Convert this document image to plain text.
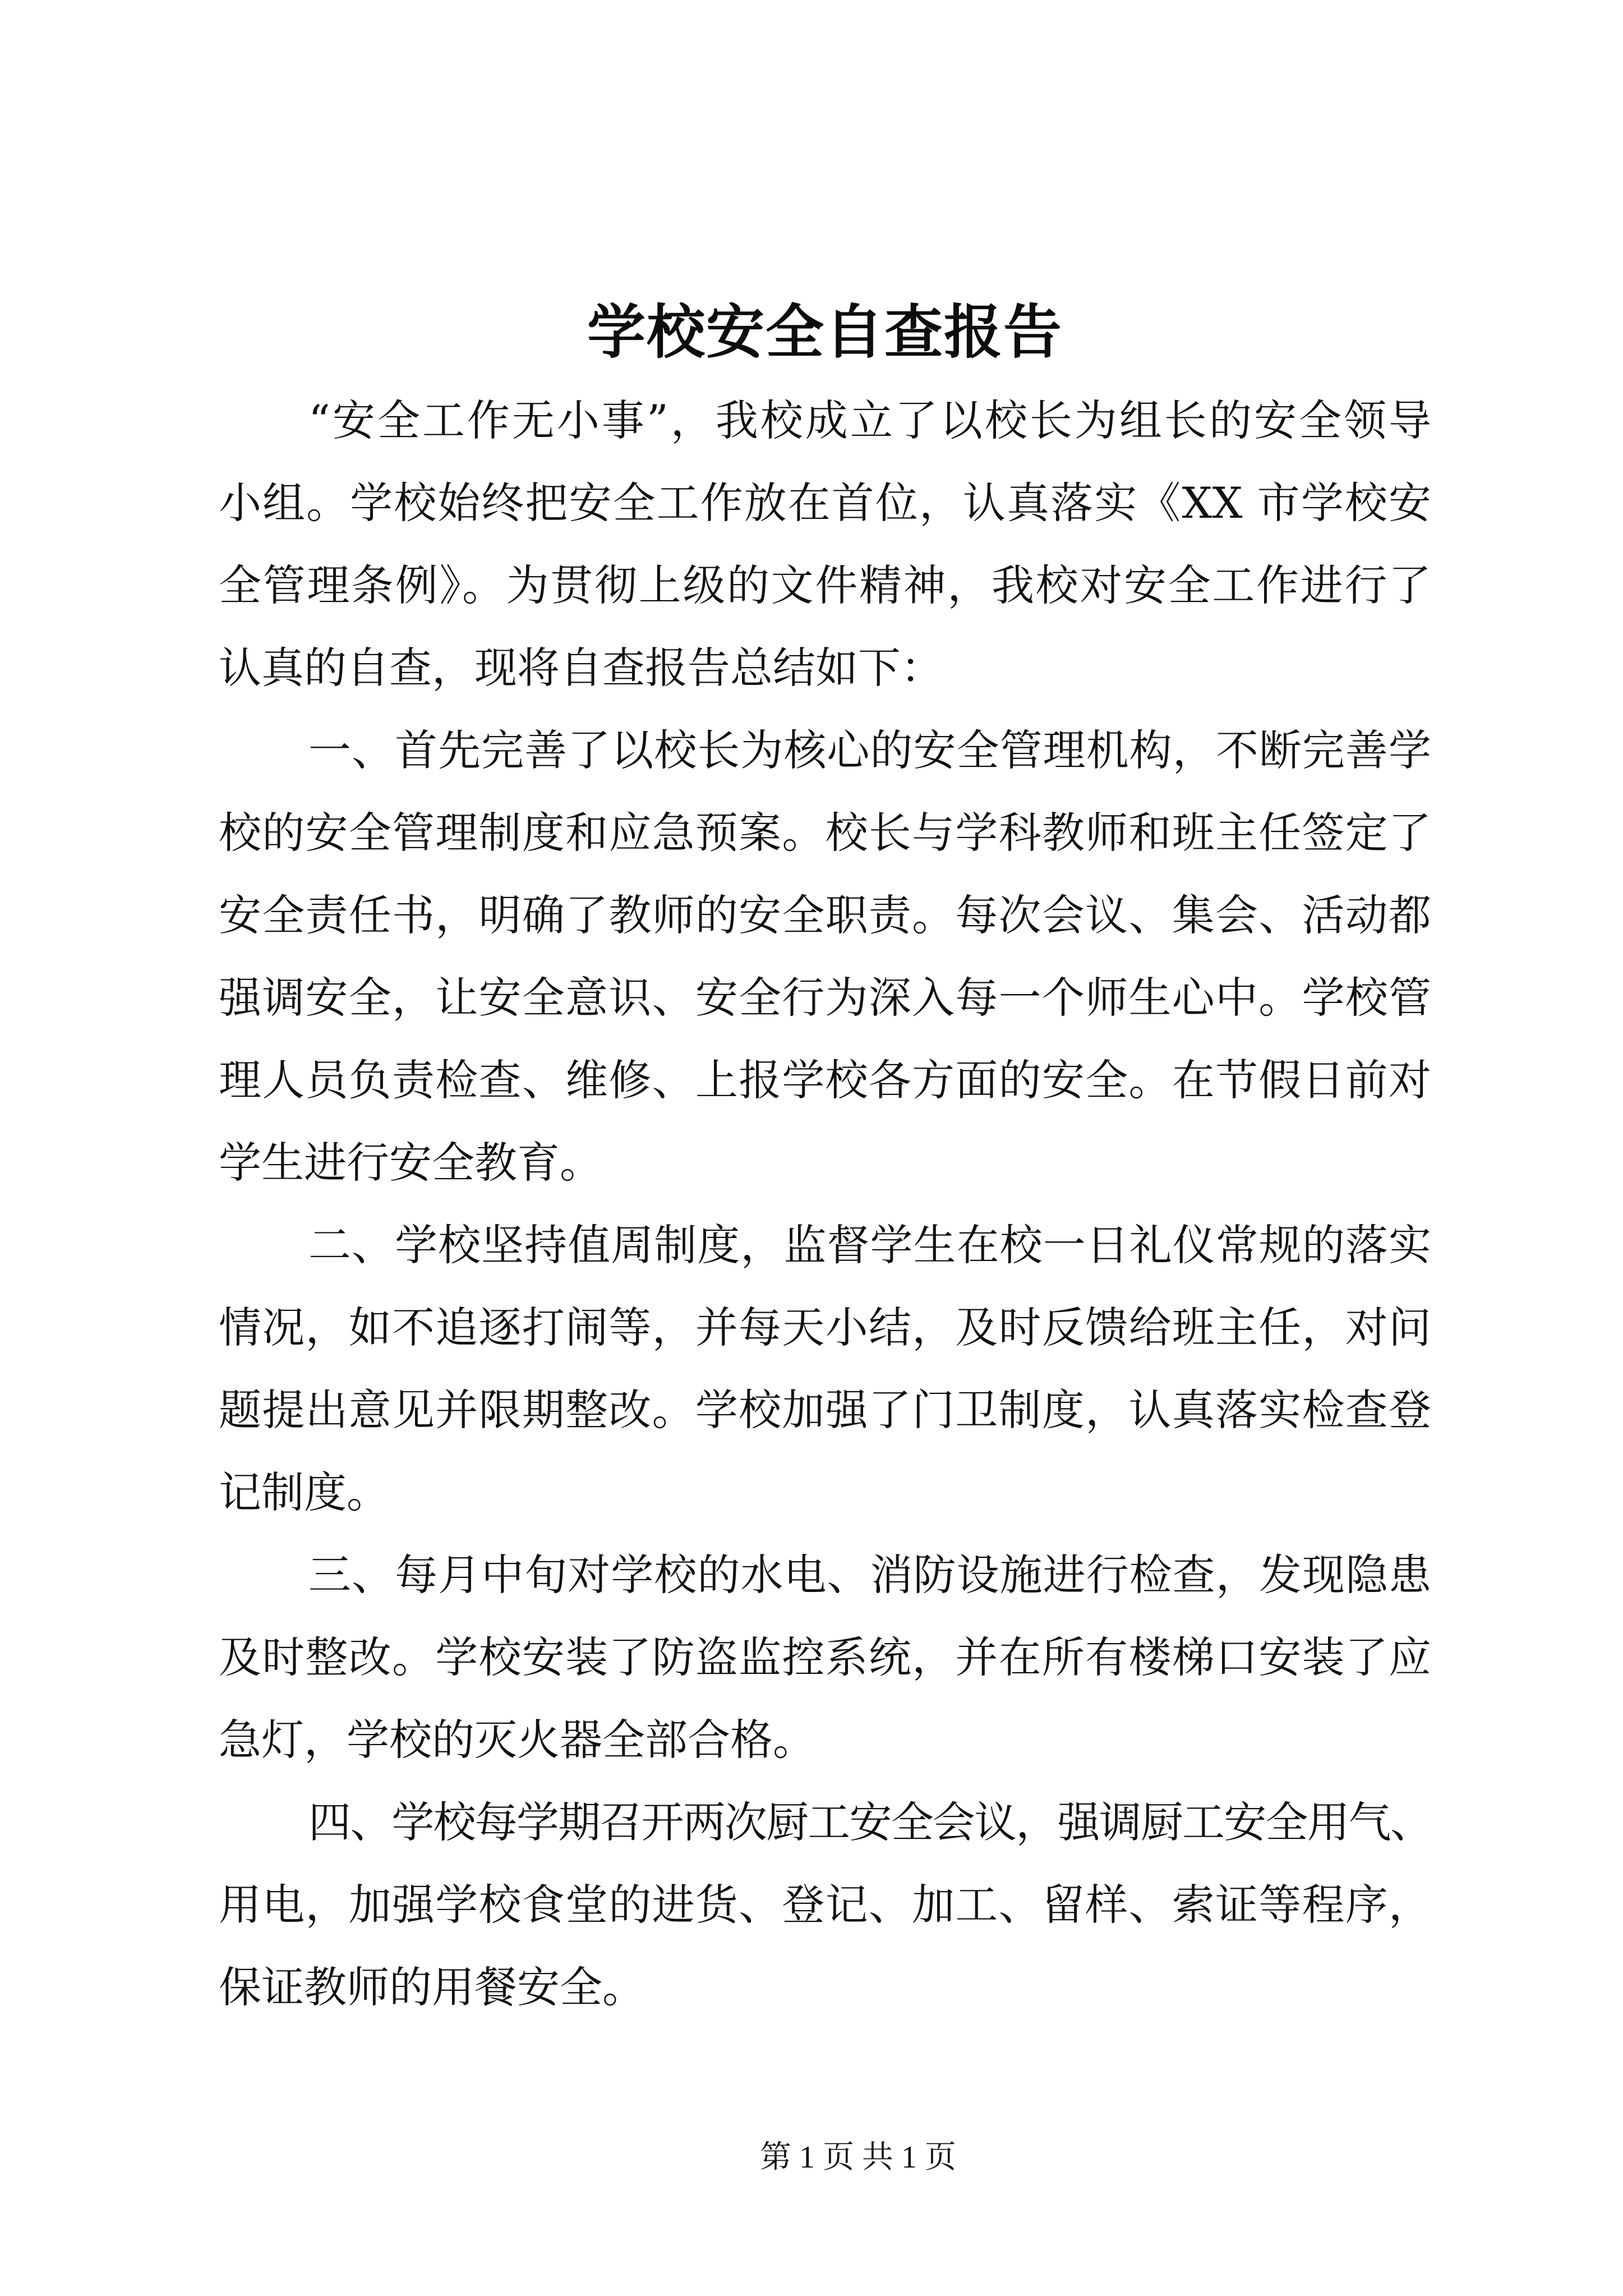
学校安全自查报告
“安全工作无小事”，我校成立了以校长为组长的安全领导
小组。学校始终把安全工作放在首位，认真落实《XX 市学校安
全管理条例》。为贯彻上级的文件精神，我校对安全工作进行了
认真的自查，现将自查报告总结如下：
一、首先完善了以校长为核心的安全管理机构，不断完善学
校的安全管理制度和应急预案。校长与学科教师和班主任签定了
安全责任书，明确了教师的安全职责。每次会议、集会、活动都
强调安全，让安全意识、安全行为深入每一个师生心中。学校管
理人员负责检查、维修、上报学校各方面的安全。在节假日前对
学生进行安全教育。
二、学校坚持值周制度，监督学生在校一日礼仪常规的落实
情况，如不追逐打闹等，并每天小结，及时反馈给班主任，对问
题提出意见并限期整改。学校加强了门卫制度，认真落实检查登
记制度。
三、每月中旬对学校的水电、消防设施进行检查，发现隐患
及时整改。学校安装了防盗监控系统，并在所有楼梯口安装了应
急灯，学校的灭火器全部合格。
四、学校每学期召开两次厨工安全会议，强调厨工安全用气、
用电，加强学校食堂的进货、登记、加工、留样、索证等程序，
保证教师的用餐安全。
第 1 页 共 1 页
